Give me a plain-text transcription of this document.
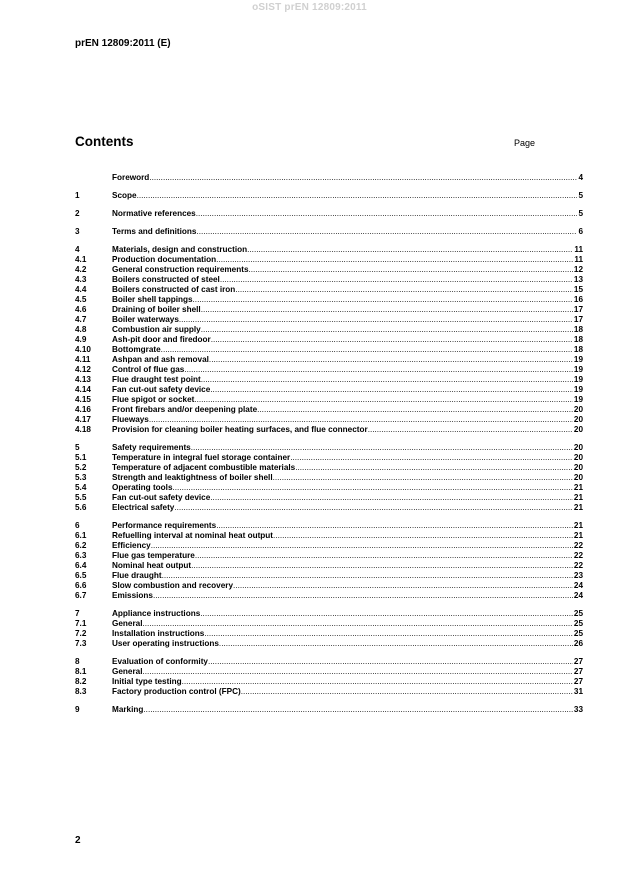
oSIST prEN 12809:2011
prEN 12809:2011 (E)
Contents	Page
Foreword .....	4
1	Scope .....	5
2	Normative references .....	5
3	Terms and definitions .....	6
4	Materials, design and construction .....	11
4.1	Production documentation .....	11
4.2	General construction requirements .....	12
4.3	Boilers constructed of steel .....	13
4.4	Boilers constructed of cast iron .....	15
4.5	Boiler shell tappings .....	16
4.6	Draining of boiler shell .....	17
4.7	Boiler waterways .....	17
4.8	Combustion air supply .....	18
4.9	Ash-pit door and firedoor .....	18
4.10	Bottomgrate .....	18
4.11	Ashpan and ash removal .....	19
4.12	Control of flue gas .....	19
4.13	Flue draught test point .....	19
4.14	Fan cut-out safety device .....	19
4.15	Flue spigot or socket .....	19
4.16	Front firebars and/or deepening plate .....	20
4.17	Flueways .....	20
4.18	Provision for cleaning boiler heating surfaces, and flue connector .....	20
5	Safety requirements .....	20
5.1	Temperature in integral fuel storage container .....	20
5.2	Temperature of adjacent combustible materials .....	20
5.3	Strength and leaktightness of boiler shell .....	20
5.4	Operating tools .....	21
5.5	Fan cut-out safety device .....	21
5.6	Electrical safety .....	21
6	Performance requirements .....	21
6.1	Refuelling interval at nominal heat output .....	21
6.2	Efficiency .....	22
6.3	Flue gas temperature .....	22
6.4	Nominal heat output .....	22
6.5	Flue draught .....	23
6.6	Slow combustion and recovery .....	24
6.7	Emissions .....	24
7	Appliance instructions .....	25
7.1	General .....	25
7.2	Installation instructions .....	25
7.3	User operating instructions .....	26
8	Evaluation of conformity .....	27
8.1	General .....	27
8.2	Initial type testing .....	27
8.3	Factory production control (FPC) .....	31
9	Marking .....	33
2
